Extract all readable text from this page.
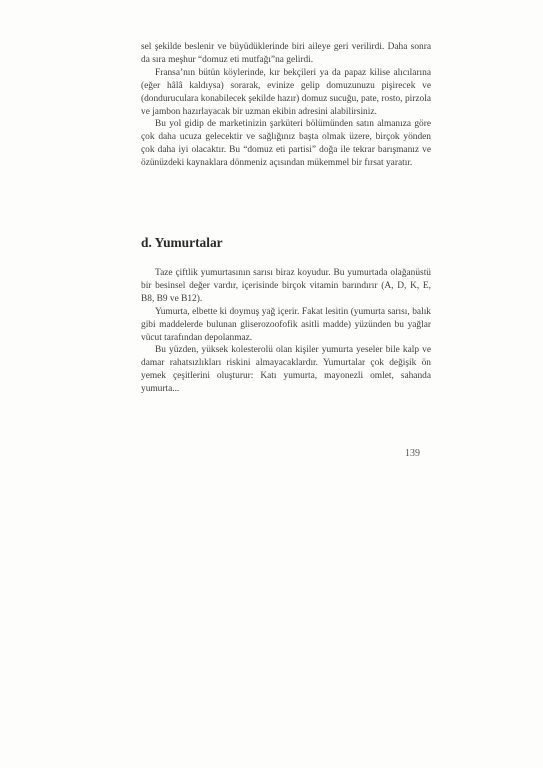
sel şekilde beslenir ve büyüdüklerinde biri aileye geri verilirdi. Daha sonra da sıra meşhur “domuz eti mutfağı”na gelirdi.

Fransa’nın bütün köylerinde, kır bekçileri ya da papaz kilise alıcılarına (eğer hâlâ kaldıysa) sorarak, evinize gelip domuzunuzu pişirecek ve (donduruculara konabilecek şekilde hazır) domuz sucuğu, pate, rosto, pirzola ve jambon hazırlayacak bir uzman ekibin adresini alabilirsiniz.

Bu yol gidip de marketinizin şarküteri bölümünden satın almanıza göre çok daha ucuza gelecektir ve sağlığınız başta olmak üzere, birçok yönden çok daha iyi olacaktır. Bu “domuz eti partisi” doğa ile tekrar barışmanız ve özünüzdeki kaynaklara dönmeniz açısından mükemmel bir fırsat yaratır.

d. Yumurtalar

Taze çiftlik yumurtasının sarısı biraz koyudur. Bu yumurtada olağanüstü bir besinsel değer vardır, içerisinde birçok vitamin barındırır (A, D, K, E, B8, B9 ve B12).

Yumurta, elbette ki doymuş yağ içerir. Fakat lesitin (yumurta sarısı, balık gibi maddelerde bulunan gliserozoofofik asitli madde) yüzünden bu yağlar vücut tarafından depolanmaz.

Bu yüzden, yüksek kolesterolü olan kişiler yumurta yeseler bile kalp ve damar rahatsızlıkları riskini almayacaklardır. Yumurtalar çok değişik ön yemek çeşitlerini oluşturur: Katı yumurta, mayonezli omlet, sahanda yumurta...

139
